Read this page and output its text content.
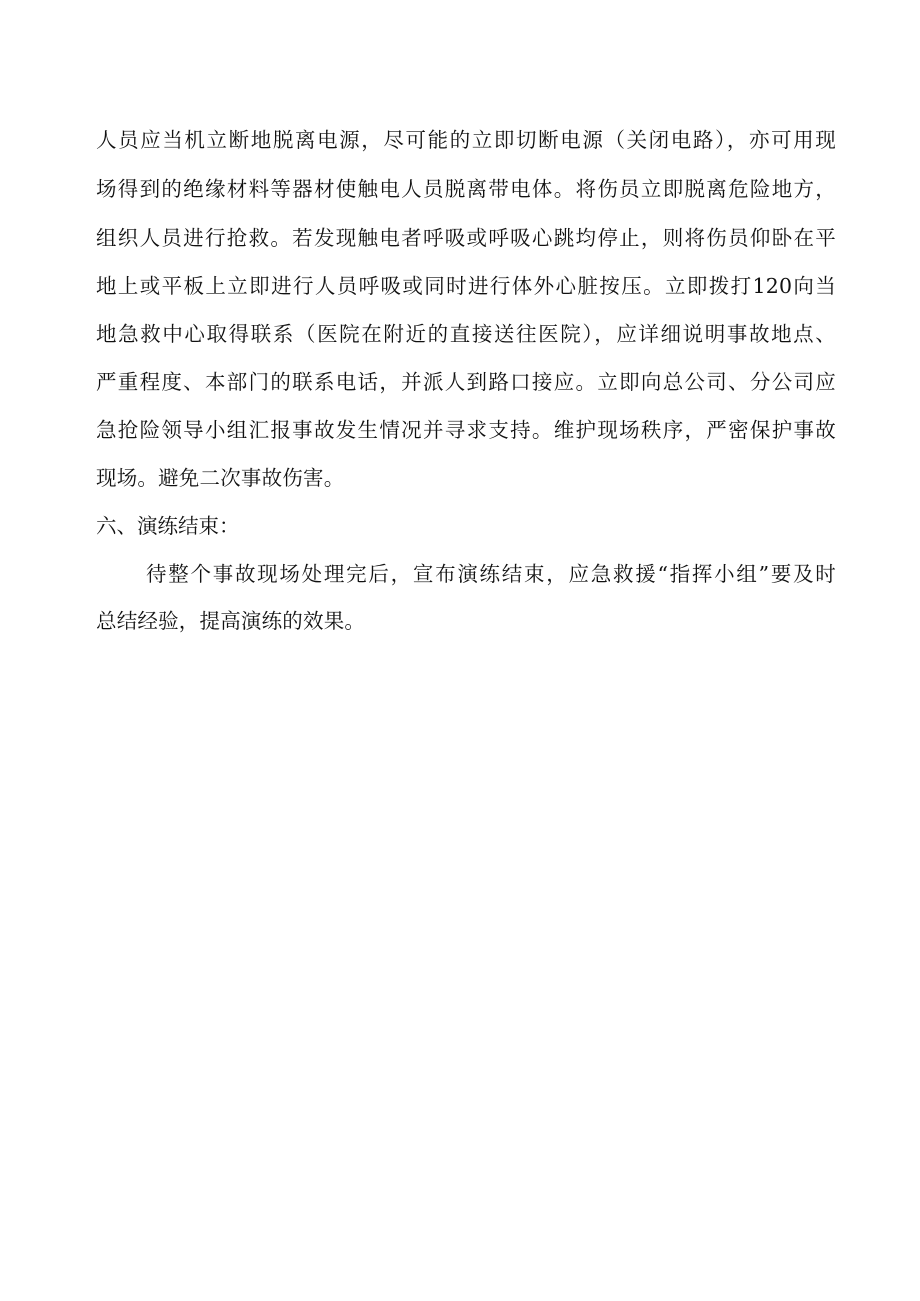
人员应当机立断地脱离电源，尽可能的立即切断电源（关闭电路），亦可用现
场得到的绝缘材料等器材使触电人员脱离带电体。将伤员立即脱离危险地方，
组织人员进行抢救。若发现触电者呼吸或呼吸心跳均停止，则将伤员仰卧在平
地上或平板上立即进行人员呼吸或同时进行体外心脏按压。立即拨打120向当
地急救中心取得联系（医院在附近的直接送往医院），应详细说明事故地点、
严重程度、本部门的联系电话，并派人到路口接应。立即向总公司、分公司应
急抢险领导小组汇报事故发生情况并寻求支持。维护现场秩序，严密保护事故
现场。避免二次事故伤害。
六、演练结束：
待整个事故现场处理完后，宣布演练结束，应急救援“指挥小组”要及时
总结经验，提高演练的效果。
